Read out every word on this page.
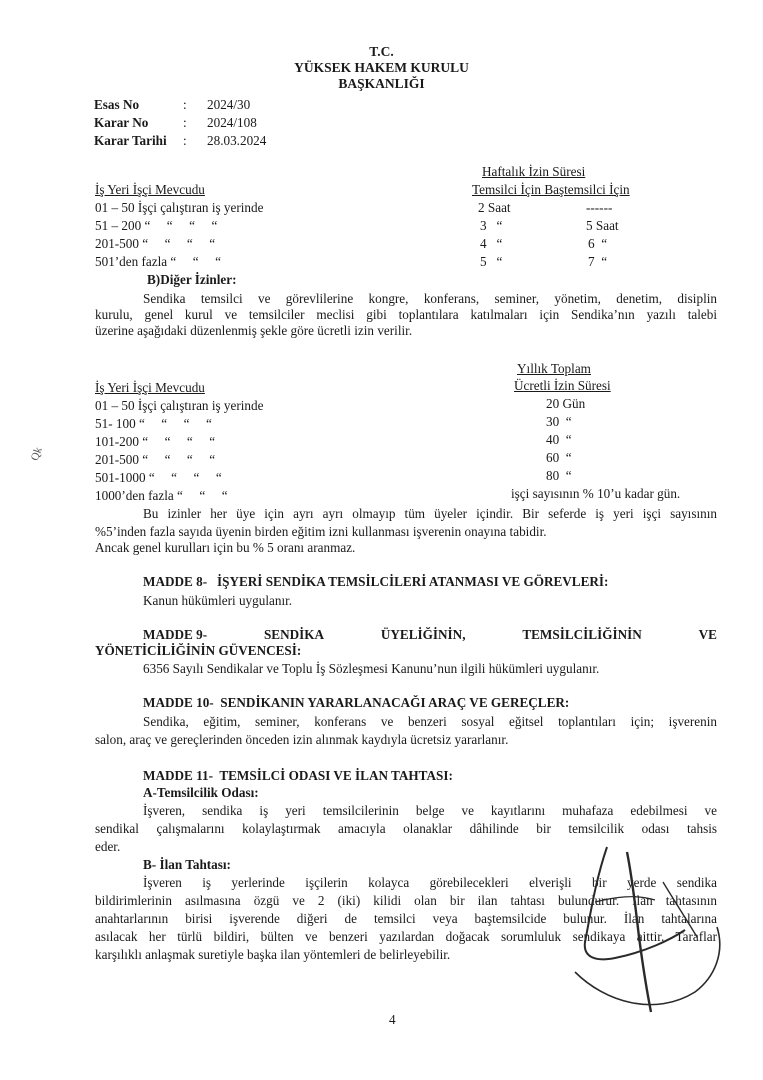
T.C.
YÜKSEK HAKEM KURULU
BAŞKANLIĞI
Esas No	: 2024/30
Karar No	: 2024/108
Karar Tarihi : 28.03.2024
Haftalık İzin Süresi
İş Yeri İşçi Mevcudu	Temsilci İçin Baştemsilci İçin
01 – 50 İşçi çalıştıran iş yerinde	2 Saat	------
51 – 200 “     “     “     “	3   “	5 Saat
201-500 “     “     “     “	4   “	6  “
501’den fazla “     “     “	5   “	7  “
B)Diğer İzinler:
Sendika temsilci ve görevlilerine kongre, konferans, seminer, yönetim, denetim, disiplin
kurulu, genel kurul ve temsilciler meclisi gibi toplantılara katılmaları için Sendika’nın yazılı talebi
üzerine aşağıdaki düzenlenmiş şekle göre ücretli izin verilir.
Yıllık Toplam
Ücretli İzin Süresi
İş Yeri İşçi Mevcudu
01 – 50 İşçi çalıştıran iş yerinde	20 Gün
51- 100 “     “     “     “	30  “
101-200 “     “     “     “	40  “
201-500 “     “     “     “	60  “
501-1000 “     “     “     “	80  “
1000’den fazla “     “     “	işçi sayısının % 10’u kadar gün.
Bu izinler her üye için ayrı ayrı olmayıp tüm üyeler içindir. Bir seferde iş yeri işçi sayısının
%5’inden fazla sayıda üyenin birden eğitim izni kullanması işverenin onayına tabidir.
Ancak genel kurulları için bu % 5 oranı aranmaz.
MADDE 8-   İŞYERİ SENDİKA TEMSİLCİLERİ ATANMASI VE GÖREVLERİ:
Kanun hükümleri uygulanır.
MADDE 9-	SENDİKA	ÜYELİĞİNİN,	TEMSİLCİLİĞİNİN	VE
YÖNETİCİLİĞİNİN GÜVENCESİ:
6356 Sayılı Sendikalar ve Toplu İş Sözleşmesi Kanunu’nun ilgili hükümleri uygulanır.
MADDE 10-  SENDİKANIN YARARLANACAĞI ARAÇ VE GEREÇLER:
Sendika, eğitim, seminer, konferans ve benzeri sosyal eğitsel toplantıları için; işverenin
salon, araç ve gereçlerinden önceden izin alınmak kaydıyla ücretsiz yararlanır.
MADDE 11-  TEMSİLCİ ODASI VE İLAN TAHTASI:
A-Temsilcilik Odası:
İşveren, sendika iş yeri temsilcilerinin belge ve kayıtlarını muhafaza edebilmesi ve
sendikal çalışmalarını kolaylaştırmak amacıyla olanaklar dâhilinde bir temsilcilik odası tahsis
eder.
B- İlan Tahtası:
İşveren iş yerlerinde işçilerin kolayca görebilecekleri elverişli bir yerde sendika
bildirimlerinin asılmasına özgü ve 2 (iki) kilidi olan bir ilan tahtası bulundurur. İlan tahtasının
anahtarlarının birisi işverende diğeri de temsilci veya baştemsilcide bulunur. İlan tahtalarına
asılacak her türlü bildiri, bülten ve benzeri yazılardan doğacak sorumluluk sendikaya aittir. Taraflar
karşılıklı anlaşmak suretiyle başka ilan yöntemleri de belirleyebilir.
4
Qk
